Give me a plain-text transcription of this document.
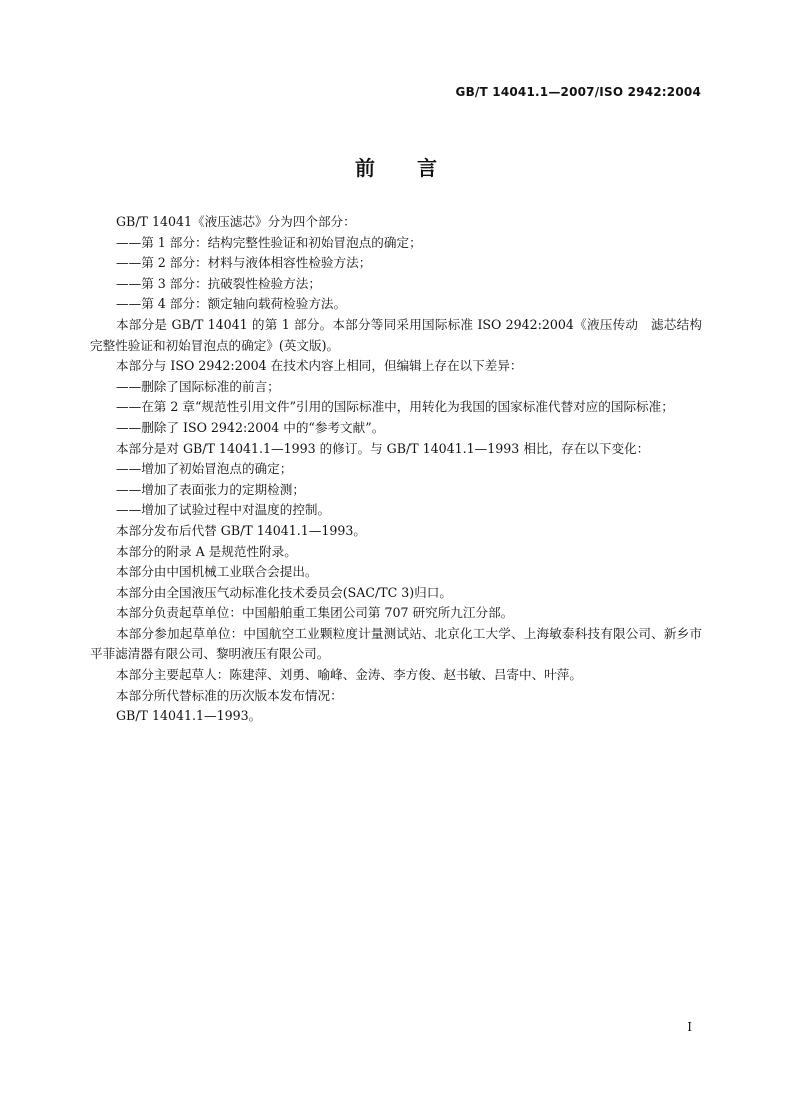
GB/T 14041.1—2007/ISO 2942:2004
前 言

GB/T 14041《液压滤芯》分为四个部分：

——第 1 部分：结构完整性验证和初始冒泡点的确定；

——第 2 部分：材料与液体相容性检验方法；

——第 3 部分：抗破裂性检验方法；

——第 4 部分：额定轴向载荷检验方法。

本部分是 GB/T 14041 的第 1 部分。本部分等同采用国际标准 ISO 2942:2004《液压传动　滤芯结构完整性验证和初始冒泡点的确定》(英文版)。

本部分与 ISO 2942:2004 在技术内容上相同，但编辑上存在以下差异：

——删除了国际标准的前言；

——在第 2 章“规范性引用文件”引用的国际标准中，用转化为我国的国家标准代替对应的国际标准；

——删除了 ISO 2942:2004 中的“参考文献”。

本部分是对 GB/T 14041.1—1993 的修订。与 GB/T 14041.1—1993 相比，存在以下变化：

——增加了初始冒泡点的确定；

——增加了表面张力的定期检测；

——增加了试验过程中对温度的控制。

本部分发布后代替 GB/T 14041.1—1993。

本部分的附录 A 是规范性附录。

本部分由中国机械工业联合会提出。

本部分由全国液压气动标准化技术委员会(SAC/TC 3)归口。

本部分负责起草单位：中国船舶重工集团公司第 707 研究所九江分部。

本部分参加起草单位：中国航空工业颗粒度计量测试站、北京化工大学、上海敏泰科技有限公司、新乡市平菲滤清器有限公司、黎明液压有限公司。

本部分主要起草人：陈建萍、刘勇、喻峰、金涛、李方俊、赵书敏、吕寄中、叶萍。

本部分所代替标准的历次版本发布情况：

GB/T 14041.1—1993。

I
